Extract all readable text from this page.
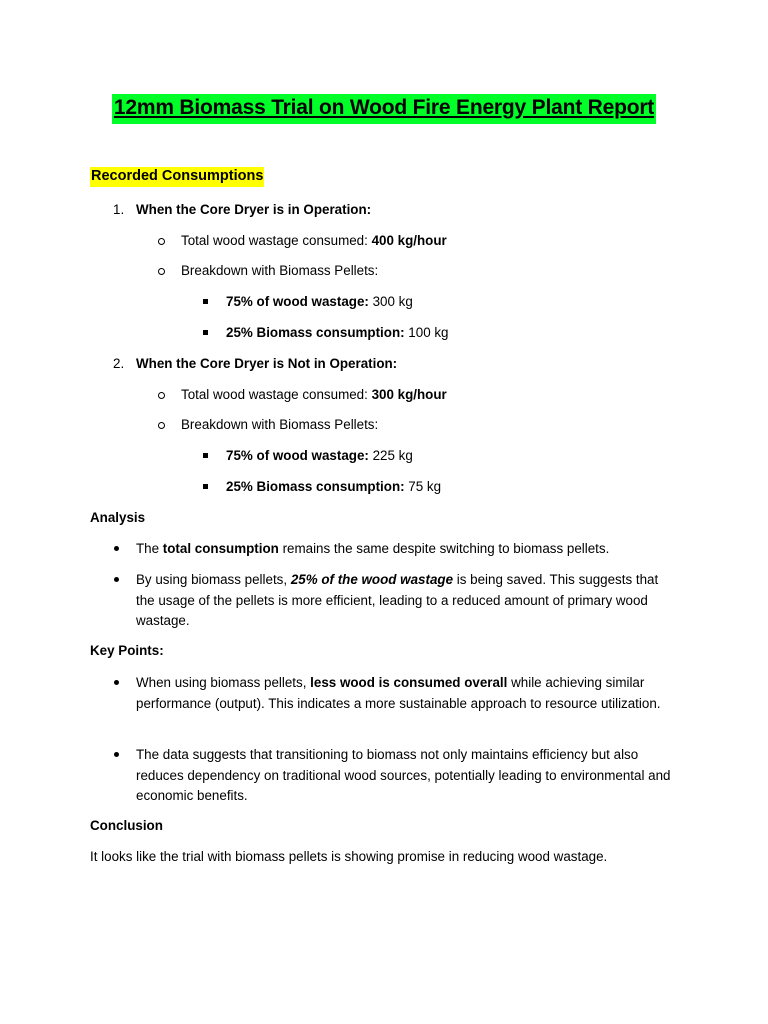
12mm Biomass Trial on Wood Fire Energy Plant Report
Recorded Consumptions
1. When the Core Dryer is in Operation:
Total wood wastage consumed: 400 kg/hour
Breakdown with Biomass Pellets:
75% of wood wastage: 300 kg
25% Biomass consumption: 100 kg
2. When the Core Dryer is Not in Operation:
Total wood wastage consumed: 300 kg/hour
Breakdown with Biomass Pellets:
75% of wood wastage: 225 kg
25% Biomass consumption: 75 kg
Analysis
The total consumption remains the same despite switching to biomass pellets.
By using biomass pellets, 25% of the wood wastage is being saved. This suggests that the usage of the pellets is more efficient, leading to a reduced amount of primary wood wastage.
Key Points:
When using biomass pellets, less wood is consumed overall while achieving similar performance (output). This indicates a more sustainable approach to resource utilization.
The data suggests that transitioning to biomass not only maintains efficiency but also reduces dependency on traditional wood sources, potentially leading to environmental and economic benefits.
Conclusion
It looks like the trial with biomass pellets is showing promise in reducing wood wastage.
